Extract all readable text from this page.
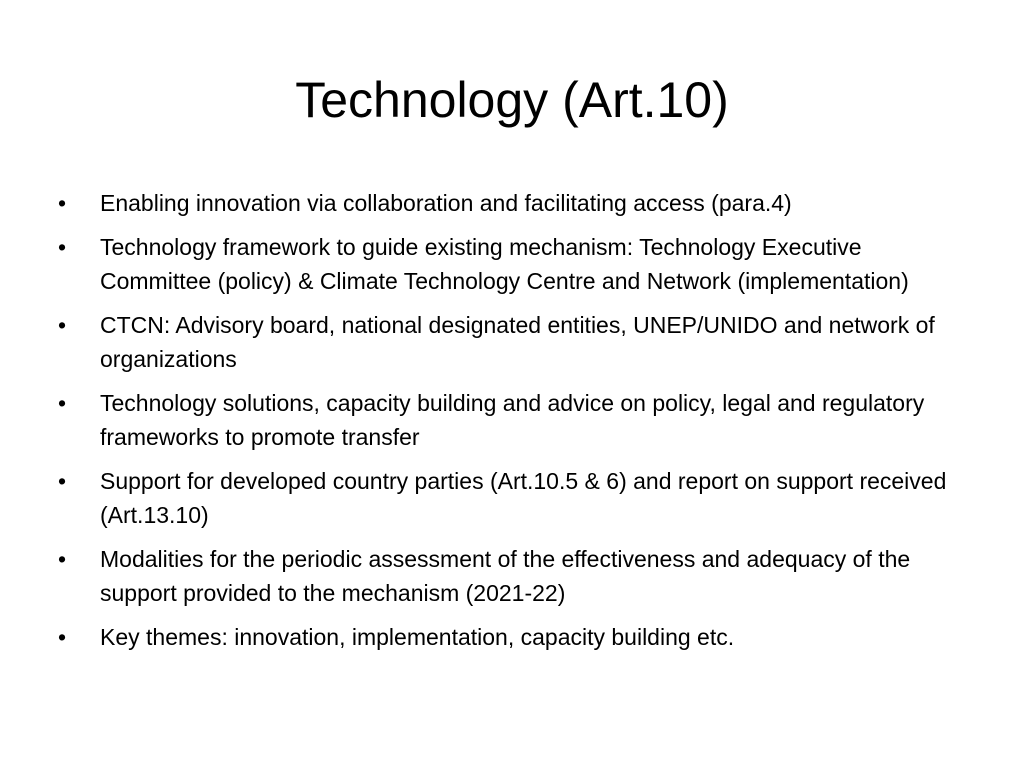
Technology (Art.10)
• Enabling innovation via collaboration and facilitating access (para.4)
• Technology framework to guide existing mechanism: Technology Executive Committee (policy) & Climate Technology Centre and Network (implementation)
• CTCN: Advisory board, national designated entities, UNEP/UNIDO and network of organizations
• Technology solutions, capacity building and advice on policy, legal and regulatory frameworks to promote transfer
• Support for developed country parties (Art.10.5 & 6) and report on support received (Art.13.10)
• Modalities for the periodic assessment of the effectiveness and adequacy of the support provided to the mechanism (2021-22)
• Key themes: innovation, implementation, capacity building etc.
